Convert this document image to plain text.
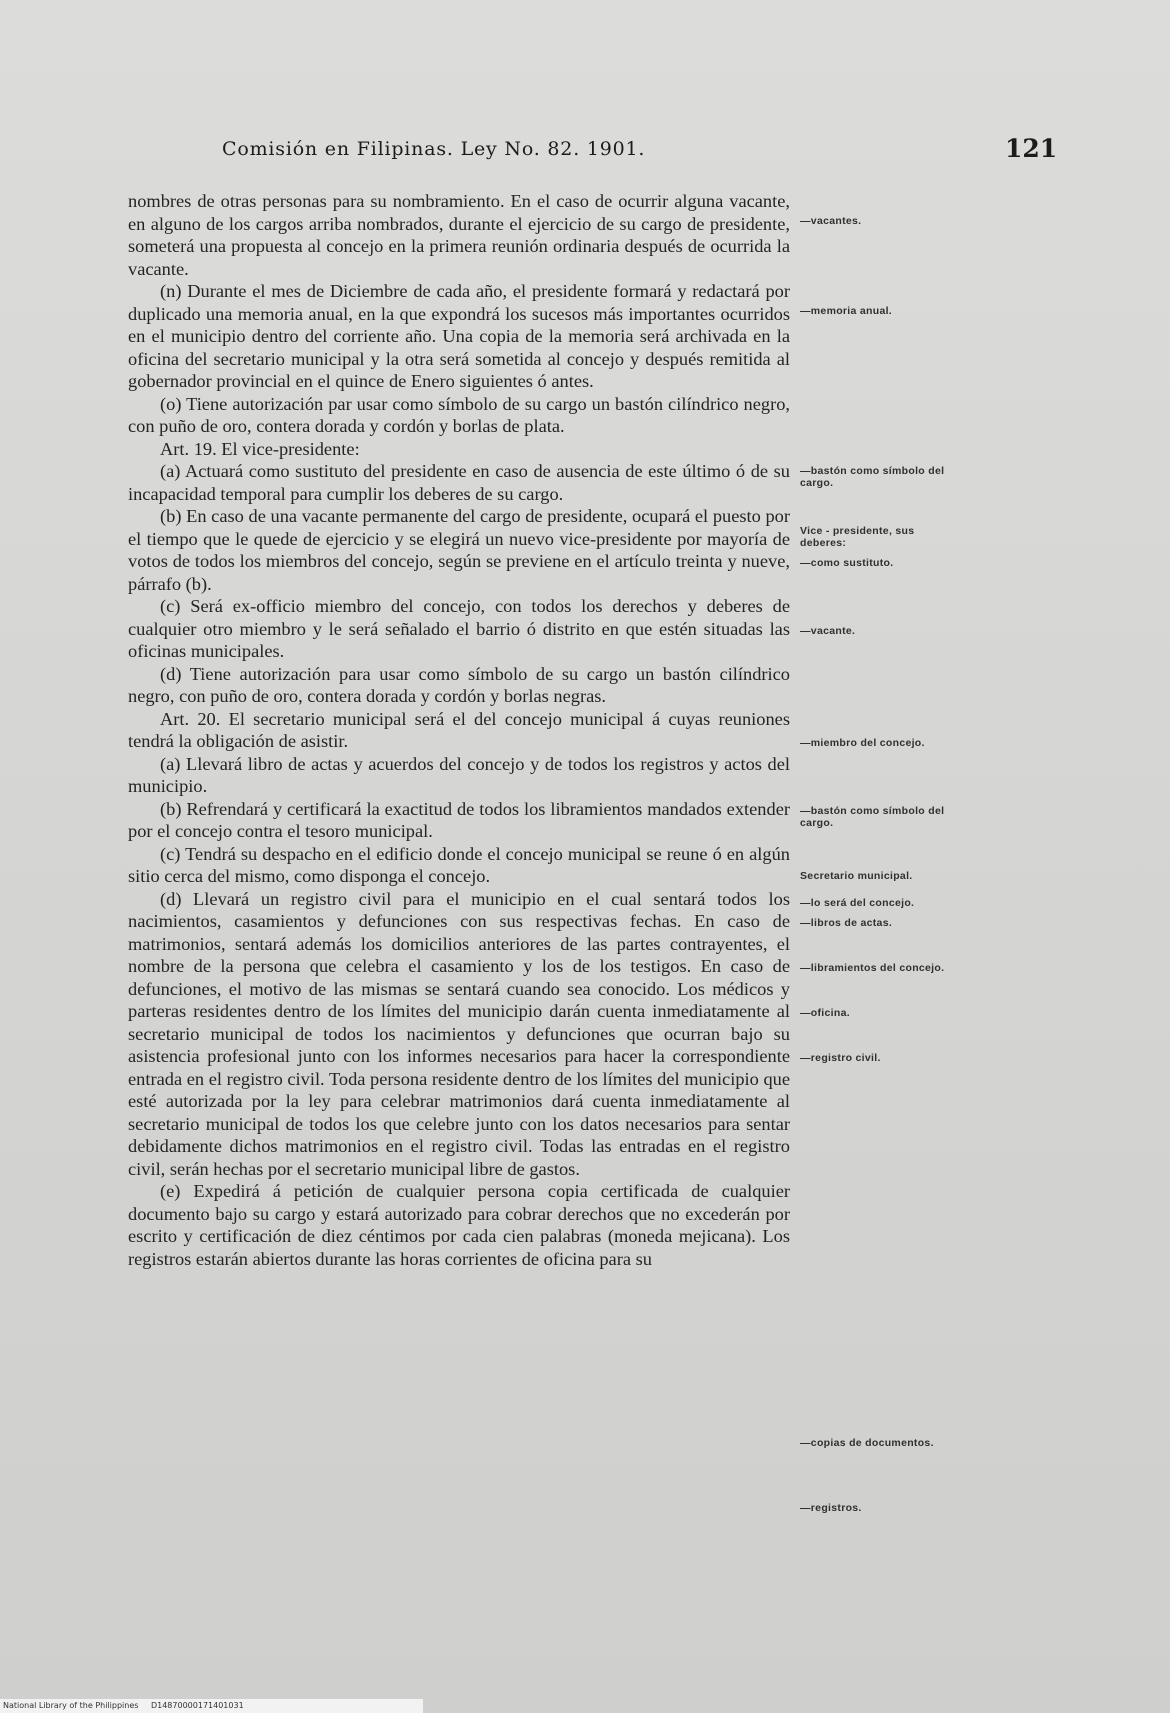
Comisión en Filipinas. Ley No. 82. 1901.	121

nombres de otras personas para su nombramiento. En el caso de ocurrir alguna vacante, en alguno de los cargos arriba nombrados, durante el ejercicio de su cargo de presidente, someterá una propuesta al concejo en la primera reunión ordinaria después de ocurrida la vacante.

(n) Durante el mes de Diciembre de cada año, el presidente formará y redactará por duplicado una memoria anual, en la que expondrá los sucesos más importantes ocurridos en el municipio dentro del corriente año. Una copia de la memoria será archivada en la oficina del secretario municipal y la otra será sometida al concejo y después remitida al gobernador provincial en el quince de Enero siguientes ó antes.

(o) Tiene autorización par usar como símbolo de su cargo un bastón cilíndrico negro, con puño de oro, contera dorada y cordón y borlas de plata.

Art. 19. El vice-presidente:

(a) Actuará como sustituto del presidente en caso de ausencia de este último ó de su incapacidad temporal para cumplir los deberes de su cargo.

(b) En caso de una vacante permanente del cargo de presidente, ocupará el puesto por el tiempo que le quede de ejercicio y se elegirá un nuevo vice-presidente por mayoría de votos de todos los miembros del concejo, según se previene en el artículo treinta y nueve, párrafo (b).

(c) Será ex-officio miembro del concejo, con todos los derechos y deberes de cualquier otro miembro y le será señalado el barrio ó distrito en que estén situadas las oficinas municipales.

(d) Tiene autorización para usar como símbolo de su cargo un bastón cilíndrico negro, con puño de oro, contera dorada y cordón y borlas negras.

Art. 20. El secretario municipal será el del concejo municipal á cuyas reuniones tendrá la obligación de asistir.

(a) Llevará libro de actas y acuerdos del concejo y de todos los registros y actos del municipio.

(b) Refrendará y certificará la exactitud de todos los libramientos mandados extender por el concejo contra el tesoro municipal.

(c) Tendrá su despacho en el edificio donde el concejo municipal se reune ó en algún sitio cerca del mismo, como disponga el concejo.

(d) Llevará un registro civil para el municipio en el cual sentará todos los nacimientos, casamientos y defunciones con sus respectivas fechas. En caso de matrimonios, sentará además los domicilios anteriores de las partes contrayentes, el nombre de la persona que celebra el casamiento y los de los testigos. En caso de defunciones, el motivo de las mismas se sentará cuando sea conocido. Los médicos y parteras residentes dentro de los límites del municipio darán cuenta inmediatamente al secretario municipal de todos los nacimientos y defunciones que ocurran bajo su asistencia profesional junto con los informes necesarios para hacer la correspondiente entrada en el registro civil. Toda persona residente dentro de los límites del municipio que esté autorizada por la ley para celebrar matrimonios dará cuenta inmediatamente al secretario municipal de todos los que celebre junto con los datos necesarios para sentar debidamente dichos matrimonios en el registro civil. Todas las entradas en el registro civil, serán hechas por el secretario municipal libre de gastos.

(e) Expedirá á petición de cualquier persona copia certificada de cualquier documento bajo su cargo y estará autorizado para cobrar derechos que no excederán por escrito y certificación de diez céntimos por cada cien palabras (moneda mejicana). Los registros estarán abiertos durante las horas corrientes de oficina para su

—vacantes.
—memoria anual.
—bastón como símbolo del cargo.
Vice - presidente, sus deberes:
—como sustituto.
—vacante.
—miembro del concejo.
—bastón como símbolo del cargo.
Secretario municipal.
—lo será del concejo.
—libros de actas.
—libramientos del concejo.
—oficina.
—registro civil.
—copias de documentos.
—registros.
National Library of the Philippines D14870000171401031
